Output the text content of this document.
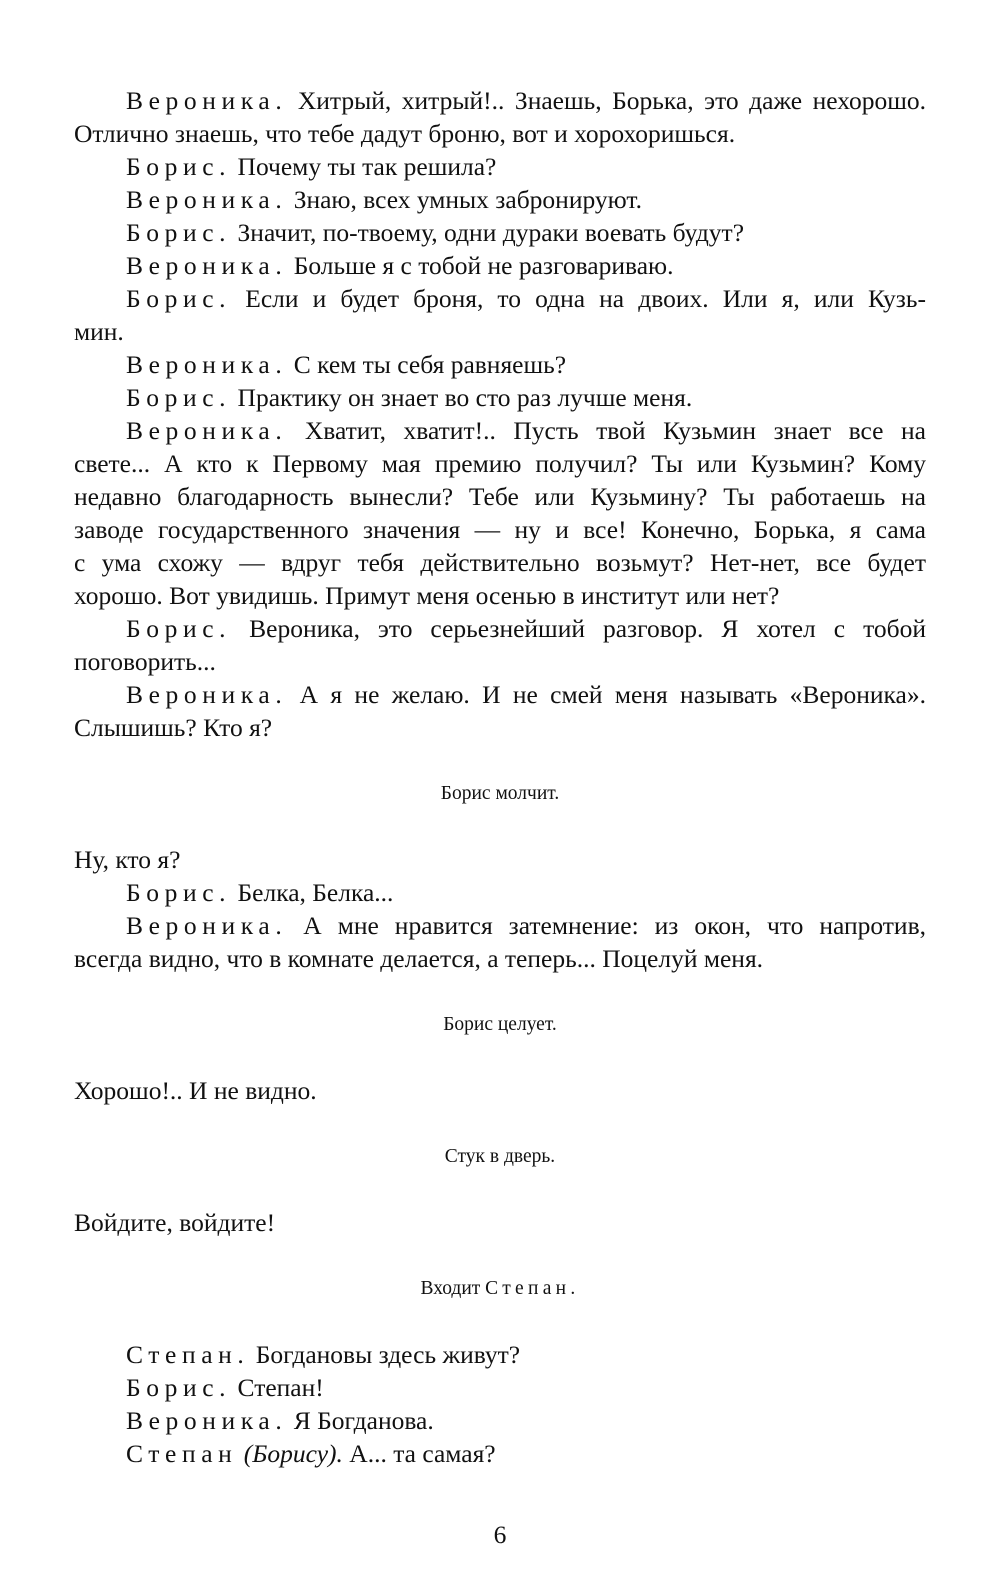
Вероника. Хитрый, хитрый!.. Знаешь, Борька, это даже нехорошо.
Отлично знаешь, что тебе дадут броню, вот и хорохоришься.
Борис. Почему ты так решила?
Вероника. Знаю, всех умных забронируют.
Борис. Значит, по-твоему, одни дураки воевать будут?
Вероника. Больше я с тобой не разговариваю.
Борис. Если и будет броня, то одна на двоих. Или я, или Кузь-
мин.
Вероника. С кем ты себя равняешь?
Борис. Практику он знает во сто раз лучше меня.
Вероника. Хватит, хватит!.. Пусть твой Кузьмин знает все на
свете... А кто к Первому мая премию получил? Ты или Кузьмин? Кому
недавно благодарность вынесли? Тебе или Кузьмину? Ты работаешь на
заводе государственного значения — ну и все! Конечно, Борька, я сама
с ума схожу — вдруг тебя действительно возьмут? Нет-нет, все будет
хорошо. Вот увидишь. Примут меня осенью в институт или нет?
Борис. Вероника, это серьезнейший разговор. Я хотел с тобой
поговорить...
Вероника. А я не желаю. И не смей меня называть «Вероника».
Слышишь? Кто я?
Борис молчит.
Ну, кто я?
Борис. Белка, Белка...
Вероника. А мне нравится затемнение: из окон, что напротив,
всегда видно, что в комнате делается, а теперь... Поцелуй меня.
Борис целует.
Хорошо!.. И не видно.
Стук в дверь.
Войдите, войдите!
Входит Степан.
Степан. Богдановы здесь живут?
Борис. Степан!
Вероника. Я Богданова.
Степан (Борису). А... та самая?
6
